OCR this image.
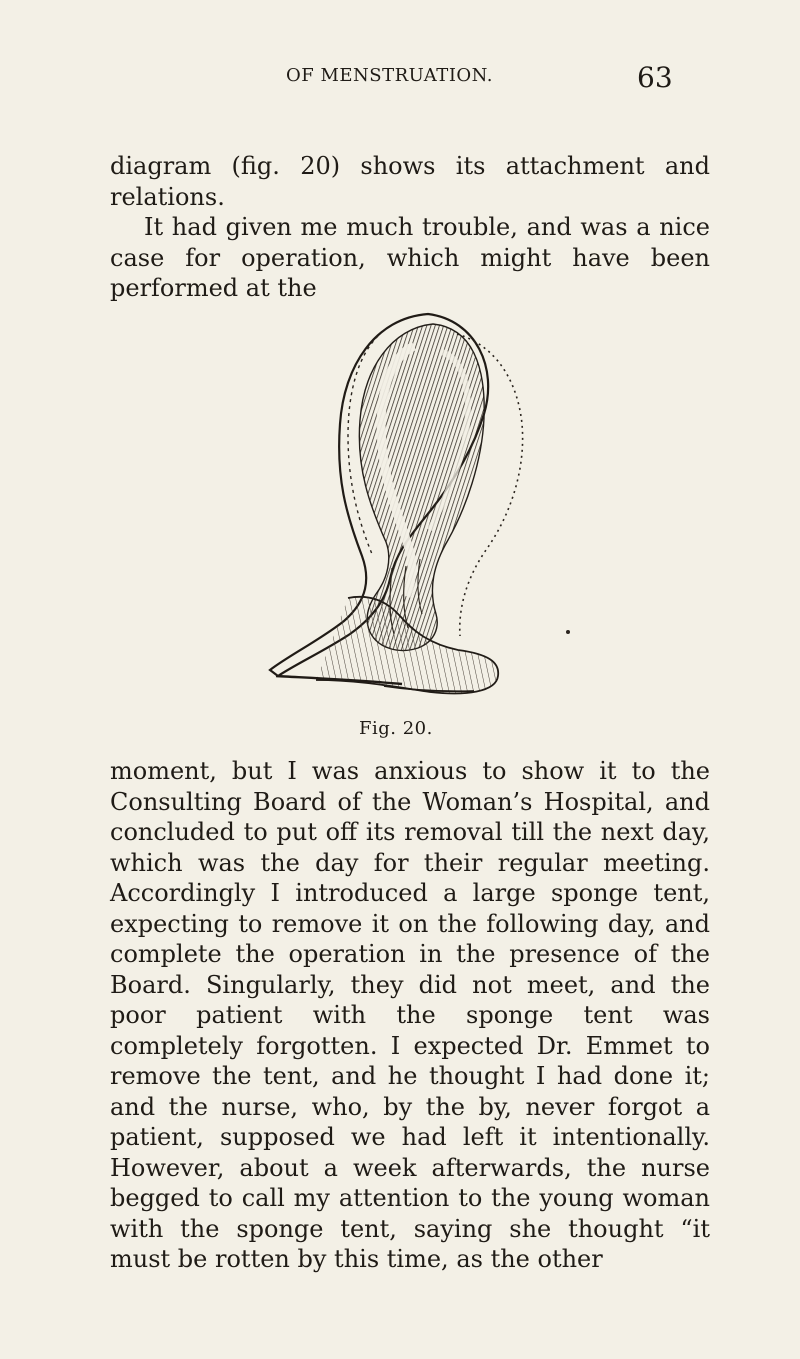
OF MENSTRUATION.	63

diagram (fig. 20) shows its attachment and relations.

It had given me much trouble, and was a nice case for operation, which might have been performed at the

Fig. 20.

moment, but I was anxious to show it to the Consulting Board of the Woman’s Hospital, and concluded to put off its removal till the next day, which was the day for their regular meeting. Accordingly I introduced a large sponge tent, expecting to remove it on the following day, and complete the operation in the presence of the Board. Singularly, they did not meet, and the poor patient with the sponge tent was completely forgotten. I expected Dr. Emmet to remove the tent, and he thought I had done it; and the nurse, who, by the by, never forgot a patient, supposed we had left it intentionally. However, about a week afterwards, the nurse begged to call my attention to the young woman with the sponge tent, saying she thought “it must be rotten by this time, as the other
